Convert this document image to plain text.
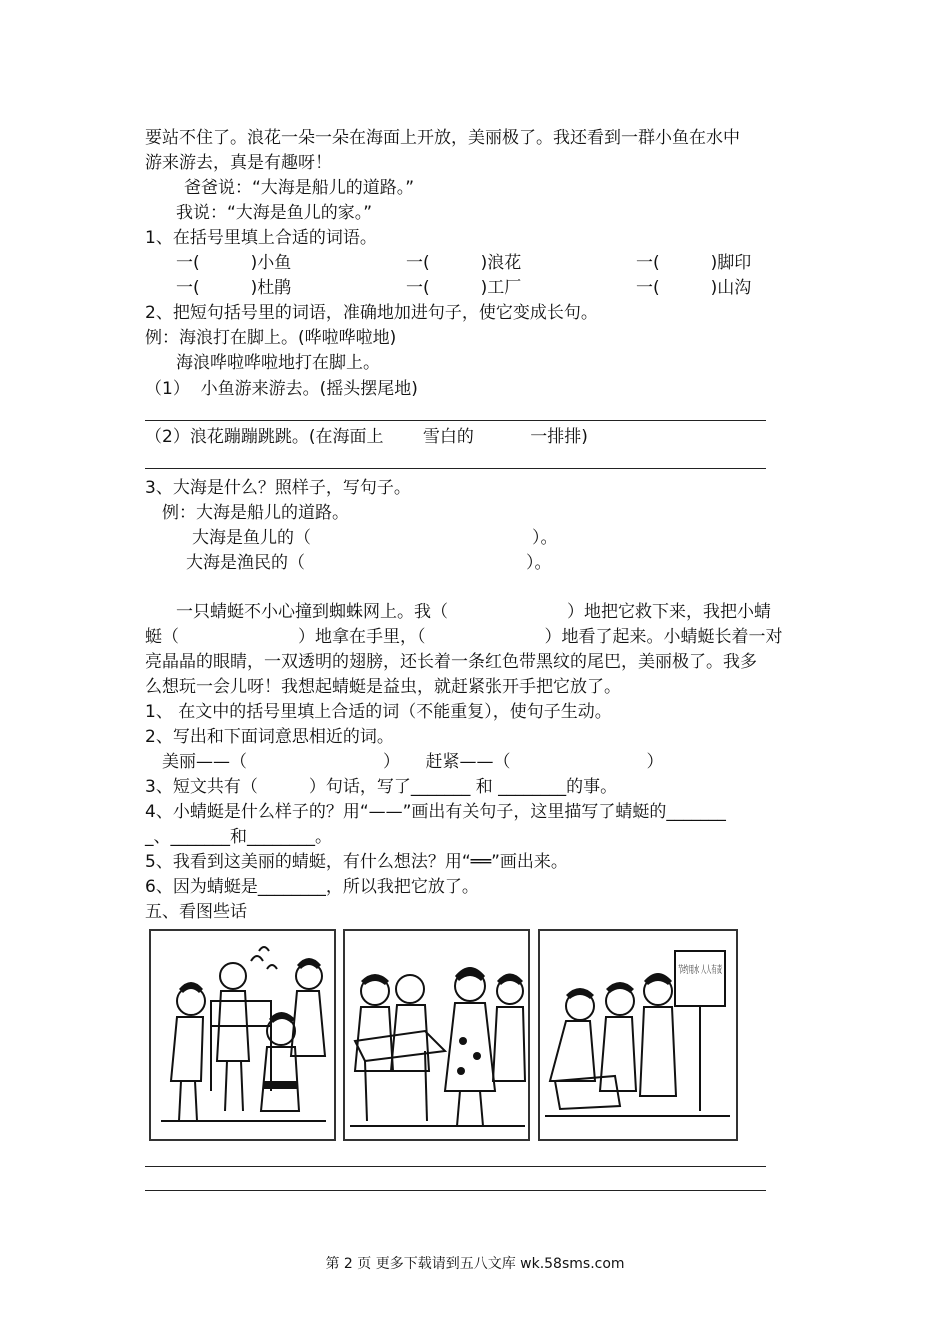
要站不住了。浪花一朵一朵在海面上开放，美丽极了。我还看到一群小鱼在水中
游来游去，真是有趣呀！
爸爸说：“大海是船儿的道路。”
我说：“大海是鱼儿的家。”
1、在括号里填上合适的词语。
一(　　　)小鱼	一(　　　)浪花	一(　　　)脚印
一(　　　)杜鹃	一(　　　)工厂	一(　　　)山沟
2、把短句括号里的词语，准确地加进句子，使它变成长句。
例：海浪打在脚上。(哗啦哗啦地)
海浪哗啦哗啦地打在脚上。
（1）  小鱼游来游去。(摇头摆尾地)
（2）浪花蹦蹦跳跳。(在海面上　　 雪白的　　　 一排排)
3、大海是什么？照样子，写句子。
例：大海是船儿的道路。
大海是鱼儿的（　　　　　　　　　　　　　）。
大海是渔民的（　　　　　　　　　　　　　）。
一只蜻蜓不小心撞到蜘蛛网上。我（　　　　　　　）地把它救下来，我把小蜻
蜓（　　　　　　　）地拿在手里，（　　　　　　　）地看了起来。小蜻蜓长着一对
亮晶晶的眼睛，一双透明的翅膀，还长着一条红色带黑纹的尾巴，美丽极了。我多
么想玩一会儿呀！我想起蜻蜓是益虫，就赶紧张开手把它放了。
1、 在文中的括号里填上合适的词（不能重复），使句子生动。
2、写出和下面词意思相近的词。
美丽——（　　　　　　　　）　　赶紧——（　　　　　　　　）
3、短文共有（　　　）句话，写了_______ 和 ________的事。
4、小蜻蜓是什么样子的？用“——”画出有关句子，这里描写了蜻蜓的_______
_、_______和________。
5、我看到这美丽的蜻蜓，有什么想法？用“══”画出来。
6、因为蜻蜓是________，所以我把它放了。
五、看图些话
节约用水 人人有责
第 2 页 更多下载请到五八文库 wk.58sms.com
